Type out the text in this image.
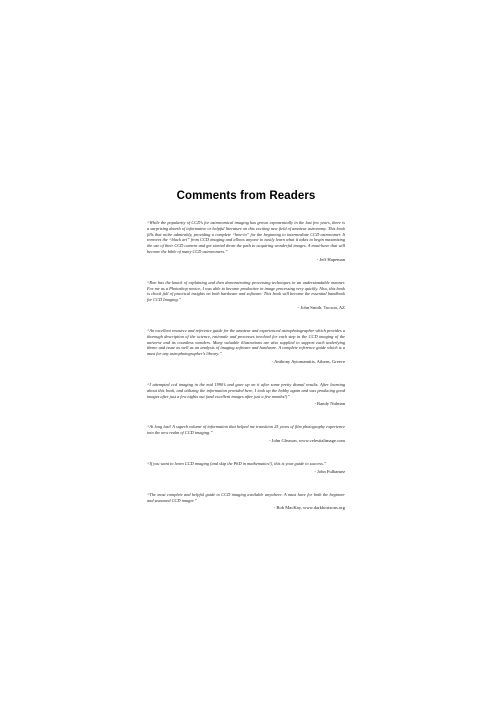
Comments from Readers

“While the popularity of CCD’s for astronomical imaging has grown exponentially in the last few years, there is a surprising dearth of informative or helpful literature on this exciting new field of amateur astronomy. This book fills that niche admirably, providing a complete “how-to” for the beginning to intermediate CCD astronomer. It removes the “black art” from CCD imaging and allows anyone to easily learn what it takes to begin maximizing the use of their CCD camera and get started down the path to acquiring wonderful images. A must-have that will become the bible of many CCD astronomers.”

- Jeff Hapeman

“Ron has the knack of explaining and then demonstrating processing techniques in an understandable manner. For me as a Photoshop novice, I was able to become productive in image processing very quickly. Also, this book is chock full of practical insights on both hardware and software. This book will become the essential handbook for CCD Imaging.”

- John Smith, Tucson, AZ

“An excellent resource and reference guide for the amateur and experienced astrophotographer which provides a thorough description of the science, rationale and processes involved for each step in the CCD imaging of the universe and its countless wonders. Many valuable illustrations are also supplied to support each underlying theme and issue as well as an analysis of imaging software and hardware. A complete reference guide which is a must for any astrophotographer’s library.”

- Anthony Ayiomamitis, Athens, Greece

“I attempted ccd imaging in the mid 1990’s and gave up on it after some pretty dismal results. After learning about this book, and utilizing the information provided here, I took up the hobby again and was producing good images after just a few nights out (and excellent images after just a few months!)”

- Randy Nulman

“At long last! A superb volume of information that helped me transition 25 years of film photography experience into the new realm of CCD imaging.”

- John Gleason, www.celestialimage.com

“If you want to learn CCD imaging (and skip the PhD in mathematics!), this is your guide to success.”

- John Fulbamez

“The most complete and helpful guide to CCD imaging available anywhere. A must have for both the beginner and seasoned CCD imager.”

- Bob MacKay, www.darkhorizons.org
